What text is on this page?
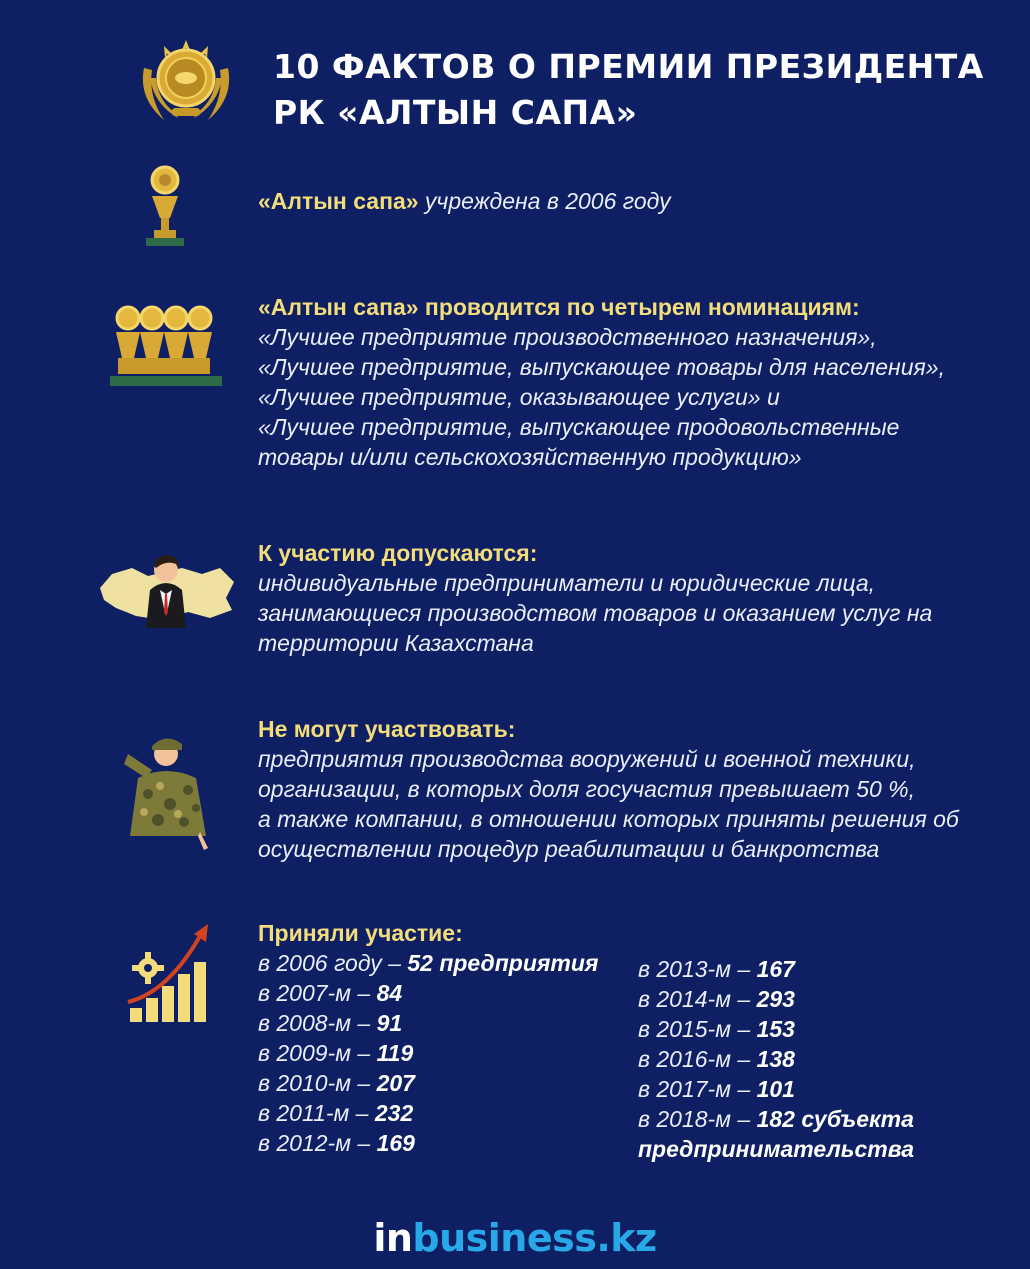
10 ФАКТОВ О ПРЕМИИ ПРЕЗИДЕНТА
РК «АЛТЫН САПА»
«Алтын сапа» учреждена в 2006 году
«Алтын сапа» проводится по четырем номинациям:
«Лучшее предприятие производственного назначения»,
«Лучшее предприятие, выпускающее товары для населения»,
«Лучшее предприятие, оказывающее услуги» и
«Лучшее предприятие, выпускающее продовольственные
товары и/или сельскохозяйственную продукцию»
К участию допускаются:
индивидуальные предприниматели и юридические лица,
занимающиеся производством товаров и оказанием услуг на
территории Казахстана
Не могут участвовать:
предприятия производства вооружений и военной техники,
организации, в которых доля госучастия превышает 50 %,
а также компании, в отношении которых приняты решения об
осуществлении процедур реабилитации и банкротства
Приняли участие:
в 2006 году – 52 предприятия
в 2007-м – 84
в 2008-м – 91
в 2009-м – 119
в 2010-м – 207
в 2011-м – 232
в 2012-м – 169
в 2013-м – 167
в 2014-м – 293
в 2015-м – 153
в 2016-м – 138
в 2017-м – 101
в 2018-м – 182 субъекта
предпринимательства
inbusiness.kz
